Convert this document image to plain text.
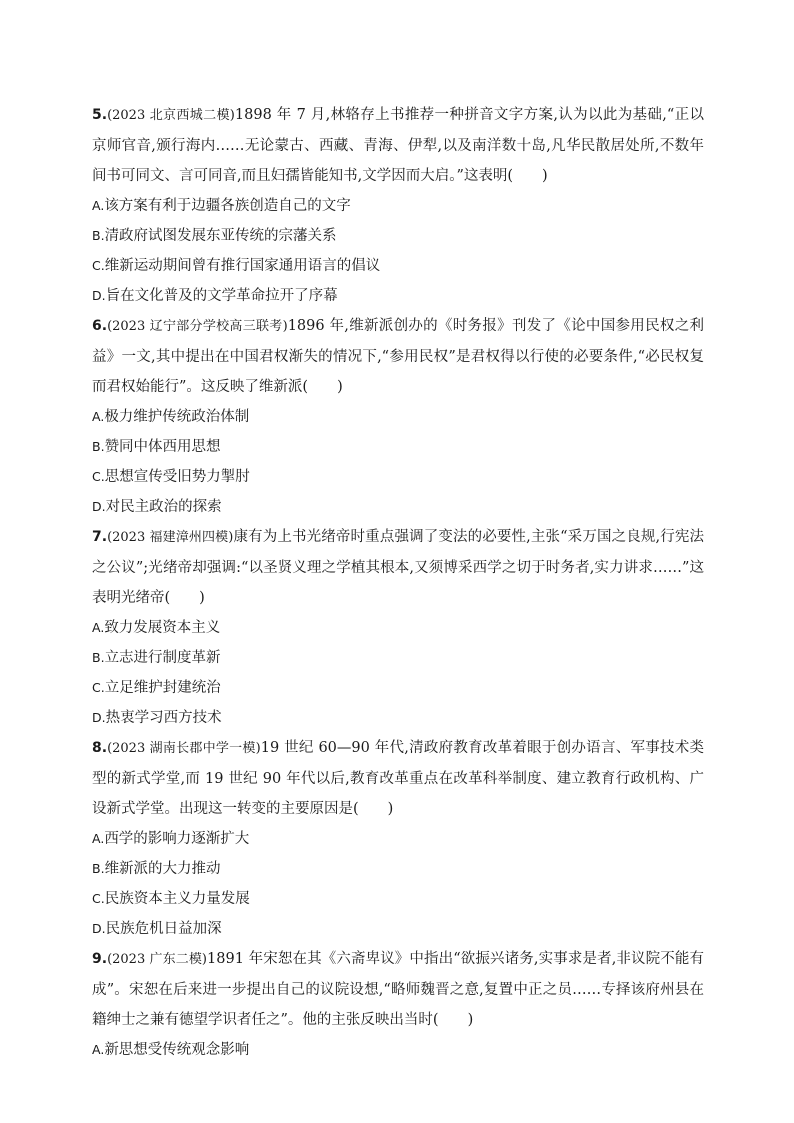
5.(2023 北京西城二模)1898 年 7 月,林辂存上书推荐一种拼音文字方案,认为以此为基础,“正以京师官音,颁行海内……无论蒙古、西藏、青海、伊犁,以及南洋数十岛,凡华民散居处所,不数年间书可同文、言可同音,而且妇孺皆能知书,文学因而大启。”这表明(　　)

A.该方案有利于边疆各族创造自己的文字

B.清政府试图发展东亚传统的宗藩关系

C.维新运动期间曾有推行国家通用语言的倡议

D.旨在文化普及的文学革命拉开了序幕

6.(2023 辽宁部分学校高三联考)1896 年,维新派创办的《时务报》刊发了《论中国参用民权之利益》一文,其中提出在中国君权渐失的情况下,“参用民权”是君权得以行使的必要条件,“必民权复而君权始能行”。这反映了维新派(　　)

A.极力维护传统政治体制

B.赞同中体西用思想

C.思想宣传受旧势力掣肘

D.对民主政治的探索

7.(2023 福建漳州四模)康有为上书光绪帝时重点强调了变法的必要性,主张“采万国之良规,行宪法之公议”;光绪帝却强调:“以圣贤义理之学植其根本,又须博采西学之切于时务者,实力讲求……”这表明光绪帝(　　)

A.致力发展资本主义

B.立志进行制度革新

C.立足维护封建统治

D.热衷学习西方技术

8.(2023 湖南长郡中学一模)19 世纪 60—90 年代,清政府教育改革着眼于创办语言、军事技术类型的新式学堂,而 19 世纪 90 年代以后,教育改革重点在改革科举制度、建立教育行政机构、广设新式学堂。出现这一转变的主要原因是(　　)

A.西学的影响力逐渐扩大

B.维新派的大力推动

C.民族资本主义力量发展

D.民族危机日益加深

9.(2023 广东二模)1891 年宋恕在其《六斋卑议》中指出“欲振兴诸务,实事求是者,非议院不能有成”。宋恕在后来进一步提出自己的议院设想,“略师魏晋之意,复置中正之员……专择该府州县在籍绅士之兼有德望学识者任之”。他的主张反映出当时(　　)

A.新思想受传统观念影响
